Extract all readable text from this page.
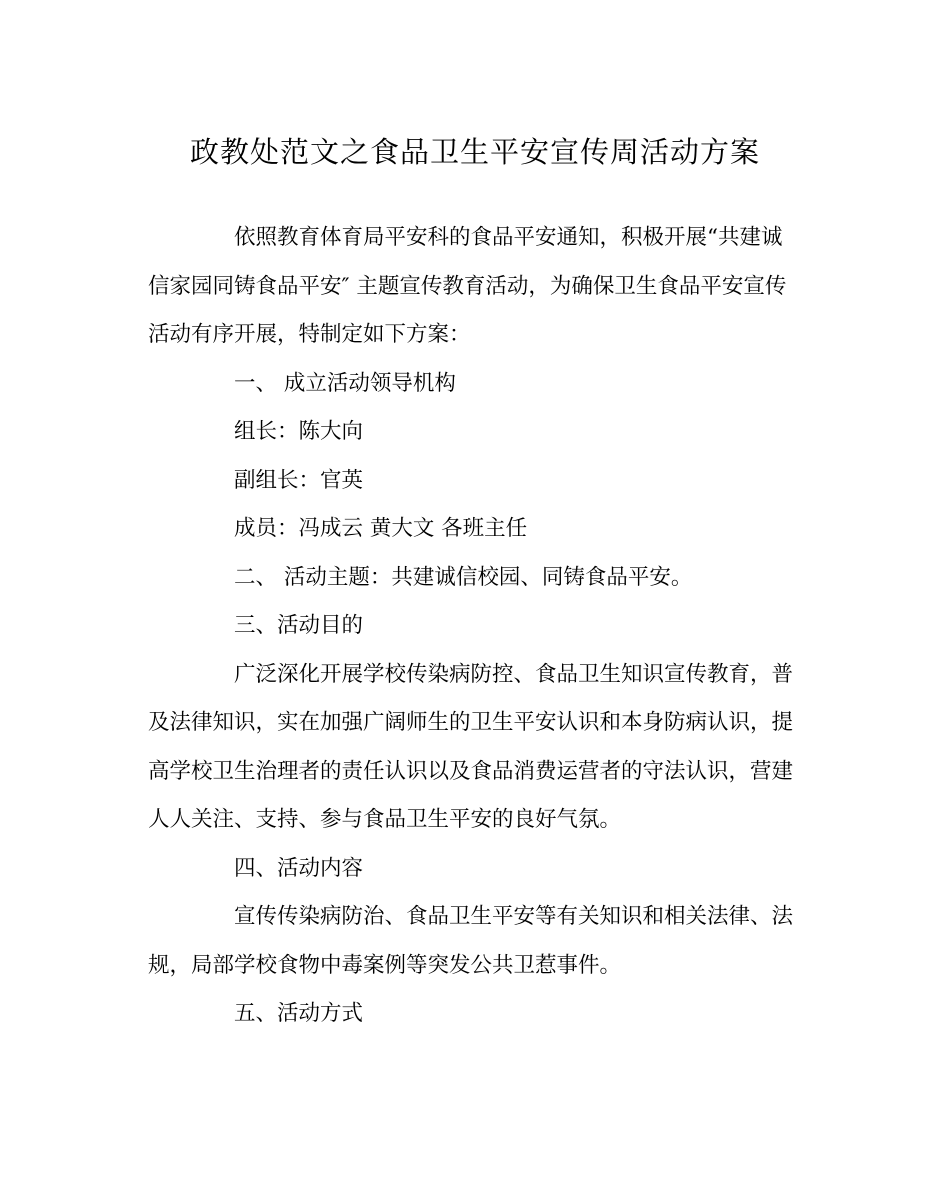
政教处范文之食品卫生平安宣传周活动方案

依照教育体育局平安科的食品平安通知，积极开展“共建诚

信家园同铸食品平安″ 主题宣传教育活动，为确保卫生食品平安宣传

活动有序开展，特制定如下方案：

一、 成立活动领导机构

组长：陈大向

副组长：官英

成员：冯成云 黄大文 各班主任

二、 活动主题：共建诚信校园、同铸食品平安。

三、活动目的

广泛深化开展学校传染病防控、食品卫生知识宣传教育，普

及法律知识，实在加强广阔师生的卫生平安认识和本身防病认识，提

高学校卫生治理者的责任认识以及食品消费运营者的守法认识，营建

人人关注、支持、参与食品卫生平安的良好气氛。

四、活动内容

宣传传染病防治、食品卫生平安等有关知识和相关法律、法

规，局部学校食物中毒案例等突发公共卫惹事件。

五、活动方式
